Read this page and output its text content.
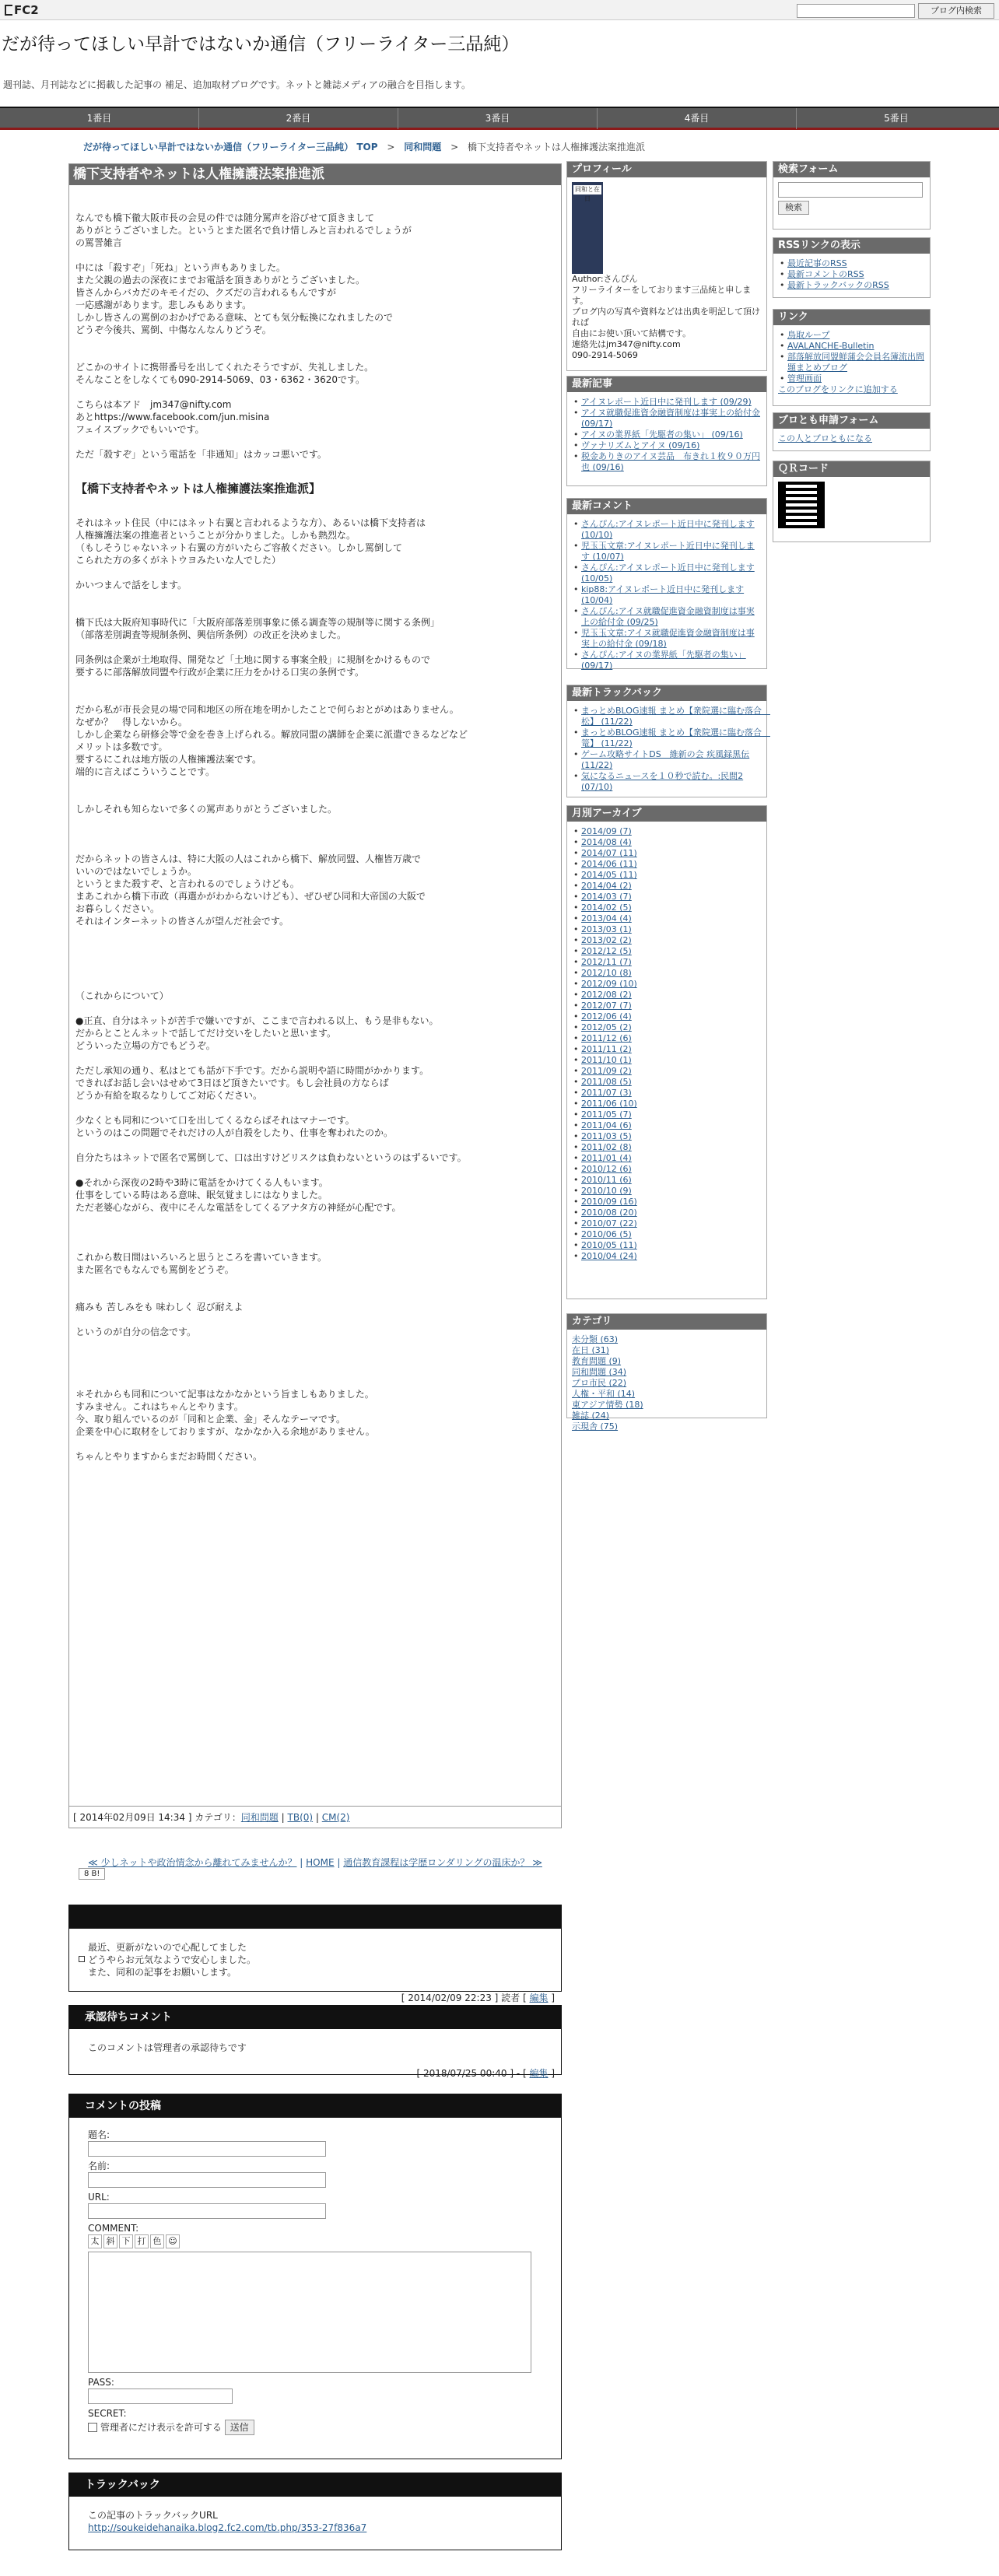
FC2	ブログ内検索
だが待ってほしい早計ではないか通信（フリーライター三品純）
週刊誌、月刊誌などに掲載した記事の 補足、追加取材ブログです。ネットと雑誌メディアの融合を目指します。
1番目	2番目	3番目	4番目	5番目
だが待ってほしい早計ではないか通信（フリーライター三品純） TOP > 同和問題 > 橋下支持者やネットは人権擁護法案推進派
橋下支持者やネットは人権擁護法案推進派

なんでも橋下徹大阪市長の会見の件では随分罵声を浴びせて頂きまして
ありがとうございました。というとまた匿名で負け惜しみと言われるでしょうが
の罵詈雑言

中には「殺すぞ」「死ね」という声もありました。
また父親の過去の深夜にまでお電話を頂きありがとうございました。
皆さんからバカだのキモイだの、クズだの言われるもんですが
一応感謝があります。悲しみもあります。
しかし皆さんの罵倒のおかげである意味、とても気分転換になれましたので
どうぞ今後共、罵倒、中傷なんなんりどうぞ。

どこかのサイトに携帯番号を出してくれたそうですが、失礼しました。
そんなことをしなくても090-2914-5069、03・6362・3620です。

こちらは本アド　jm347@nifty.com
あとhttps://www.facebook.com/jun.misina
フェイスブックでもいいです。

ただ「殺すぞ」という電話を「非通知」はカッコ悪いです。

【橋下支持者やネットは人権擁護法案推進派】

それはネット住民（中にはネット右翼と言われるような方）、あるいは橋下支持者は
人権擁護法案の推進者ということが分かりました。しかも熱烈な。
（もしそうじゃないネット右翼の方がいたらご容赦ください。しかし罵倒して
こられた方の多くがネトウヨみたいな人でした）

かいつまんで話をします。

橋下氏は大阪府知事時代に「大阪府部落差別事象に係る調査等の規制等に関する条例」
（部落差別調査等規制条例、興信所条例）の改正を決めました。

同条例は企業が土地取得、開発など「土地に関する事案全般」に規制をかけるもので
要するに部落解放同盟や行政が企業に圧力をかける口実の条例です。

だから私が市長会見の場で同和地区の所在地を明かしたことで何らおとがめはありません。
なぜか？　得しないから。
しかし企業なら研修会等で金を巻き上げられる。解放同盟の講師を企業に派遣できるなどなど
メリットは多数です。
要するにこれは地方版の人権擁護法案です。
端的に言えばこういうことです。

しかしそれも知らないで多くの罵声ありがとうございました。

だからネットの皆さんは、特に大阪の人はこれから橋下、解放同盟、人権皆万歳で
いいのではないでしょうか。
というとまた殺すぞ、と言われるのでしょうけども。
まあこれから橋下市政（再選かがわからないけども）、ぜひぜひ同和大帝国の大阪で
お暮らしください。
それはインターネットの皆さんが望んだ社会です。

（これからについて）

●正直、自分はネットが苦手で嫌いですが、ここまで言われる以上、もう是非もない。
だからとことんネットで話してだけ交いをしたいと思います。
どういった立場の方でもどうぞ。

ただし承知の通り、私はとても話が下手です。だから説明や語に時間がかかります。
できればお話し会いはせめて3日ほど頂きたいです。もし会社員の方ならば
どうか有給を取るなりしてご対応ください。

少なくとも同和について口を出してくるならばそれはマナーです。
というのはこの問題でそれだけの人が自殺をしたり、仕事を奪われたのか。

自分たちはネットで匿名で罵倒して、口は出すけどリスクは負わないというのはずるいです。

●それから深夜の2時や3時に電話をかけてくる人もいます。
仕事をしている時はある意味、眠気覚ましにはなりました。
ただ老婆心ながら、夜中にそんな電話をしてくるアナタ方の神経が心配です。

これから数日間はいろいろと思うところを書いていきます。
また匿名でもなんでも罵倒をどうぞ。

痛みも 苦しみをも 味わしく 忍び耐えよ

というのが自分の信念です。

＊それからも同和について記事はなかなかという旨ましもありました。
すみません。これはちゃんとやります。
今、取り組んでいるのが「同和と企業、金」そんなテーマです。
企業を中心に取材をしておりますが、なかなか入る余地がありません。

ちゃんとやりますからまだお時間ください。

8 B!
[ 2014年02月09日 14:34 ] カテゴリ：同和問題 | TB(0) | CM(2)
≪ 少しネットや政治情念から離れてみませんか？ | HOME | 通信教育課程は学歴ロンダリングの温床か？ ≫
最近、更新がないので心配してました
どうやらお元気なようで安心しました。
また、同和の記事をお願いします。
[ 2014/02/09 22:23 ] 読者 [ 編集 ]
承認待ちコメント
このコメントは管理者の承認待ちです
[ 2018/07/25 00:40 ] - [ 編集 ]
コメントの投稿
題名:
名前:
URL:
COMMENT:
太 斜 下 打 色 ☺
PASS:
SECRET:
管理者にだけ表示を許可する 送信
トラックバック
この記事のトラックバックURL
http://soukeidehanaika.blog2.fc2.com/tb.php/353-27f836a7
プロフィール
同和と在日
Author:さんぴん
フリーライターをしております三品純と申します。
ブログ内の写真や資料などは出典を明記して頂ければ
自由にお使い頂いて結構です。
連絡先はjm347@nifty.com
090-2914-5069
最新記事
• アイヌレポート近日中に発刊します (09/29)
• アイヌ就職促進資金融資制度は事実上の給付金 (09/17)
• アイヌの業界紙「先駆者の集い」 (09/16)
• ヴァナリズムとアイヌ (09/16)
• 税金ありきのアイヌ芸品　布きれ１枚９０万円也 (09/16)
最新コメント
• さんぴん:アイヌレポート近日中に発刊します (10/10)
• 児玉玉文章:アイヌレポート近日中に発刊します (10/07)
• さんぴん:アイヌレポート近日中に発刊します (10/05)
• kip88:アイヌレポート近日中に発刊します (10/04)
• さんぴん:アイヌ就職促進資金融資制度は事実上の給付金 (09/25)
• 児玉玉文章:アイヌ就職促進資金融資制度は事実上の給付金 (09/18)
• さんぴん:アイヌの業界紙「先駆者の集い」 (09/17)
最新トラックバック
• まっとめBLOG速報 まとめ【衆院選に臨む落合　松】 (11/22)
• まっとめBLOG速報 まとめ【衆院選に臨む落合　篭】 (11/22)
• ゲーム攻略サイトDS　維新の会 疾風録黒伝 (11/22)
• 気になるニュースを１０秒で読む。:民間2 (07/10)
月別アーカイブ
• 2014/09 (7)
• 2014/08 (4)
• 2014/07 (11)
• 2014/06 (11)
• 2014/05 (11)
• 2014/04 (2)
• 2014/03 (7)
• 2014/02 (5)
• 2013/04 (4)
• 2013/03 (1)
• 2013/02 (2)
• 2012/12 (5)
• 2012/11 (7)
• 2012/10 (8)
• 2012/09 (10)
• 2012/08 (2)
• 2012/07 (7)
• 2012/06 (4)
• 2012/05 (2)
• 2011/12 (6)
• 2011/11 (2)
• 2011/10 (1)
• 2011/09 (2)
• 2011/08 (5)
• 2011/07 (3)
• 2011/06 (10)
• 2011/05 (7)
• 2011/04 (6)
• 2011/03 (5)
• 2011/02 (8)
• 2011/01 (4)
• 2010/12 (6)
• 2010/11 (6)
• 2010/10 (9)
• 2010/09 (16)
• 2010/08 (20)
• 2010/07 (22)
• 2010/06 (5)
• 2010/05 (11)
• 2010/04 (24)
カテゴリ
未分類 (63)
在日 (31)
教育問題 (9)
同和問題 (34)
プロ市民 (22)
人権・平和 (14)
東アジア情勢 (18)
雑誌 (24)
示現舎 (75)
検索フォーム
検索
RSSリンクの表示
• 最近記事のRSS
• 最新コメントのRSS
• 最新トラックバックのRSS
リンク
• 鳥取ループ
• AVALANCHE-Bulletin
• 部落解放同盟鮮蒲会会員名簿流出問題まとめブログ
• 管理画面
このブログをリンクに追加する
ブロとも申請フォーム
この人とブロともになる
ＱＲコード
